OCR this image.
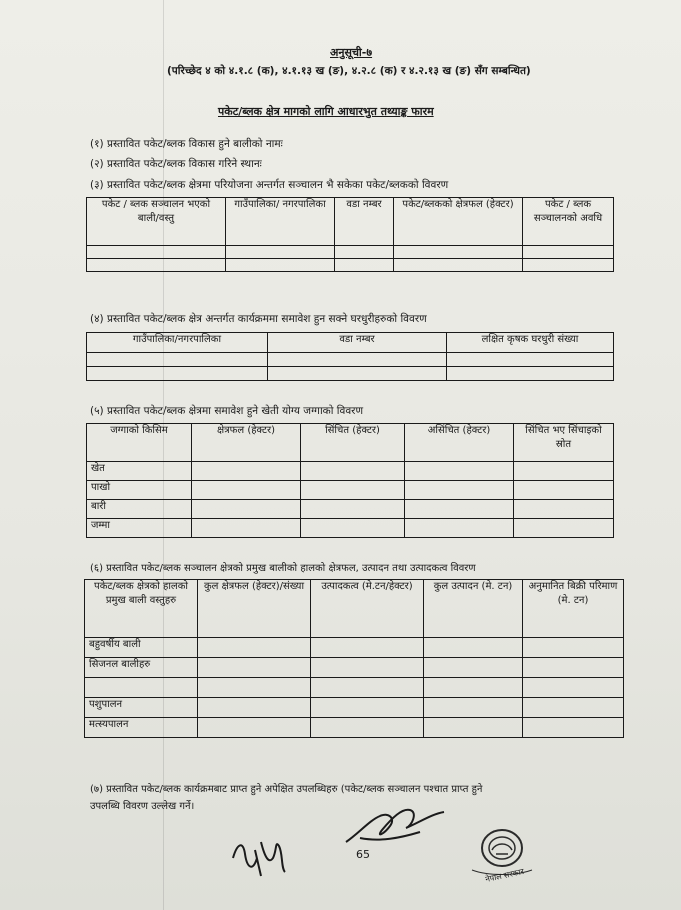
अनुसूची-७
(परिच्छेद ४ को ४.१.८ (क), ४.१.१३ ख (ङ), ४.२.८ (क) र ४.२.१३ ख (ङ) सँग सम्बन्धित)
पकेट/ब्लक क्षेत्र मागको लागि आधारभुत तथ्याङ्क फारम
(१) प्रस्तावित पकेट/ब्लक विकास हुने बालीको नामः
(२) प्रस्तावित पकेट/ब्लक विकास गरिने स्थानः
(३) प्रस्तावित पकेट/ब्लक क्षेत्रमा परियोजना अन्तर्गत सञ्चालन भै सकेका पकेट/ब्लकको विवरण
पकेट / ब्लक सञ्चालन भएको बाली/वस्तु	गाउँपालिका/ नगरपालिका	वडा नम्बर	पकेट/ब्लकको क्षेत्रफल (हेक्टर)	पकेट / ब्लक सञ्चालनको अवधि

(४) प्रस्तावित पकेट/ब्लक क्षेत्र अन्तर्गत कार्यक्रममा समावेश हुन सक्ने घरधुरीहरुको विवरण
गाउँपालिका/नगरपालिका	वडा नम्बर	लक्षित कृषक घरधुरी संख्या

(५) प्रस्तावित पकेट/ब्लक क्षेत्रमा समावेश हुने खेती योग्य जग्गाको विवरण
जग्गाको किसिम	क्षेत्रफल (हेक्टर)	सिंचित (हेक्टर)	असिंचित (हेक्टर)	सिंचित भए सिंचाइको स्रोत
खेत				
पाखो				
बारी				
जम्मा				
(६) प्रस्तावित पकेट/ब्लक सञ्चालन क्षेत्रको प्रमुख बालीको हालको क्षेत्रफल, उत्पादन तथा उत्पादकत्व विवरण
पकेट/ब्लक क्षेत्रको हालको प्रमुख बाली वस्तुहरु	कुल क्षेत्रफल (हेक्टर)/संख्या	उत्पादकत्व (मे.टन/हेक्टर)	कुल उत्पादन (मे. टन)	अनुमानित बिक्री परिमाण (मे. टन)
बहुवर्षीय बाली				
सिजनल बालीहरु				

पशुपालन				
मत्स्यपालन				
(७) प्रस्तावित पकेट/ब्लक कार्यक्रमबाट प्राप्त हुने अपेक्षित उपलब्धिहरु (पकेट/ब्लक सञ्चालन पश्चात प्राप्त हुने
उपलब्धि विवरण उल्लेख गर्ने।
नेपाल सरकार
65
